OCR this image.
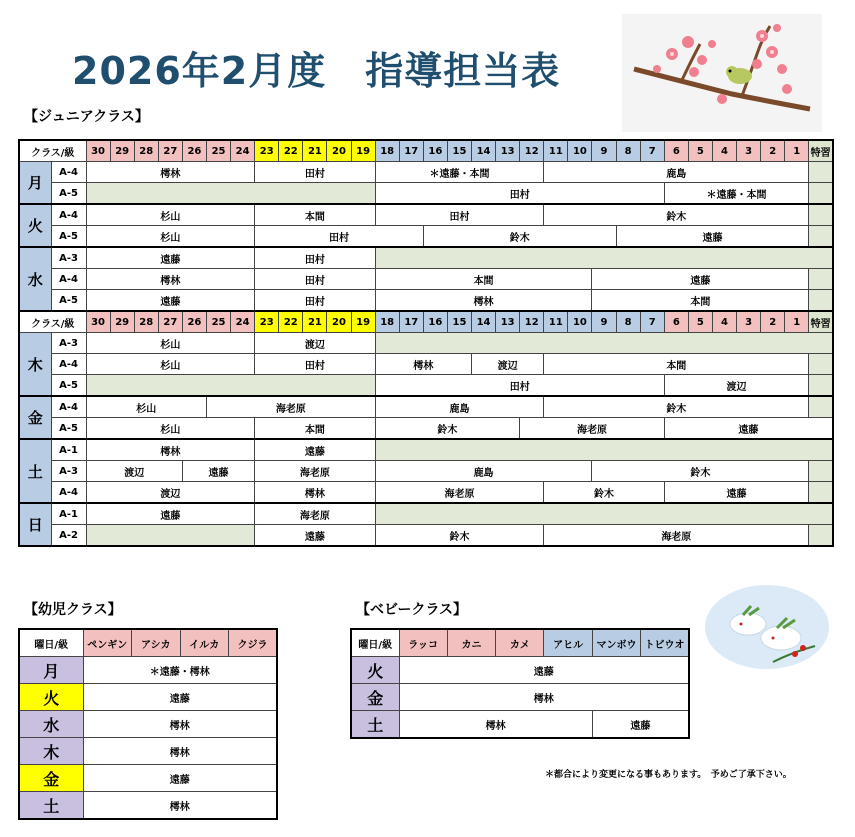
2026年2月度　指導担当表
【ジュニアクラス】
クラス/級		30	29	28	27	26	25	24	23	22	21	20	19	18	17	16	15	14	13	12	11	10	9	8	7	6	5	4	3	2	1	特習
月	A-4	樗林							田村					＊遠藤・本間							鹿島											
	A-5													田村												＊遠藤・本間						
火	A-4	杉山							本間					田村							鈴木											
	A-5	杉山							田村							鈴木								遠藤								
水	A-3	遠藤							田村																							
	A-4	樗林							田村					本間									遠藤									
	A-5	遠藤							田村					樗林									本間									
クラス/級		30	29	28	27	26	25	24	23	22	21	20	19	18	17	16	15	14	13	12	11	10	9	8	7	6	5	4	3	2	1	特習
木	A-3	杉山							渡辺																							
	A-4	杉山							田村					樗林				渡辺			本間											
	A-5													田村												渡辺						
金	A-4	杉山					海老原							鹿島							鈴木											
	A-5	杉山							本間					鈴木						海老原						遠藤						
土	A-1	樗林							遠藤																							
	A-3	渡辺				遠藤			海老原					鹿島									鈴木									
	A-4	渡辺							樗林					海老原							鈴木					遠藤						
日	A-1	遠藤							海老原																							
	A-2								遠藤					鈴木							海老原											
【幼児クラス】	【ベビークラス】
曜日/級	ペンギン	アシカ	イルカ	クジラ
月	＊遠藤・樗林			
火	遠藤			
水	樗林			
木	樗林			
金	遠藤			
土	樗林			
曜日/級	ラッコ	カニ	カメ	アヒル	マンボウ	トビウオ
火	遠藤					
金	樗林					
土	樗林				遠藤	
＊都合により変更になる事もあります。　予めご了承下さい。
